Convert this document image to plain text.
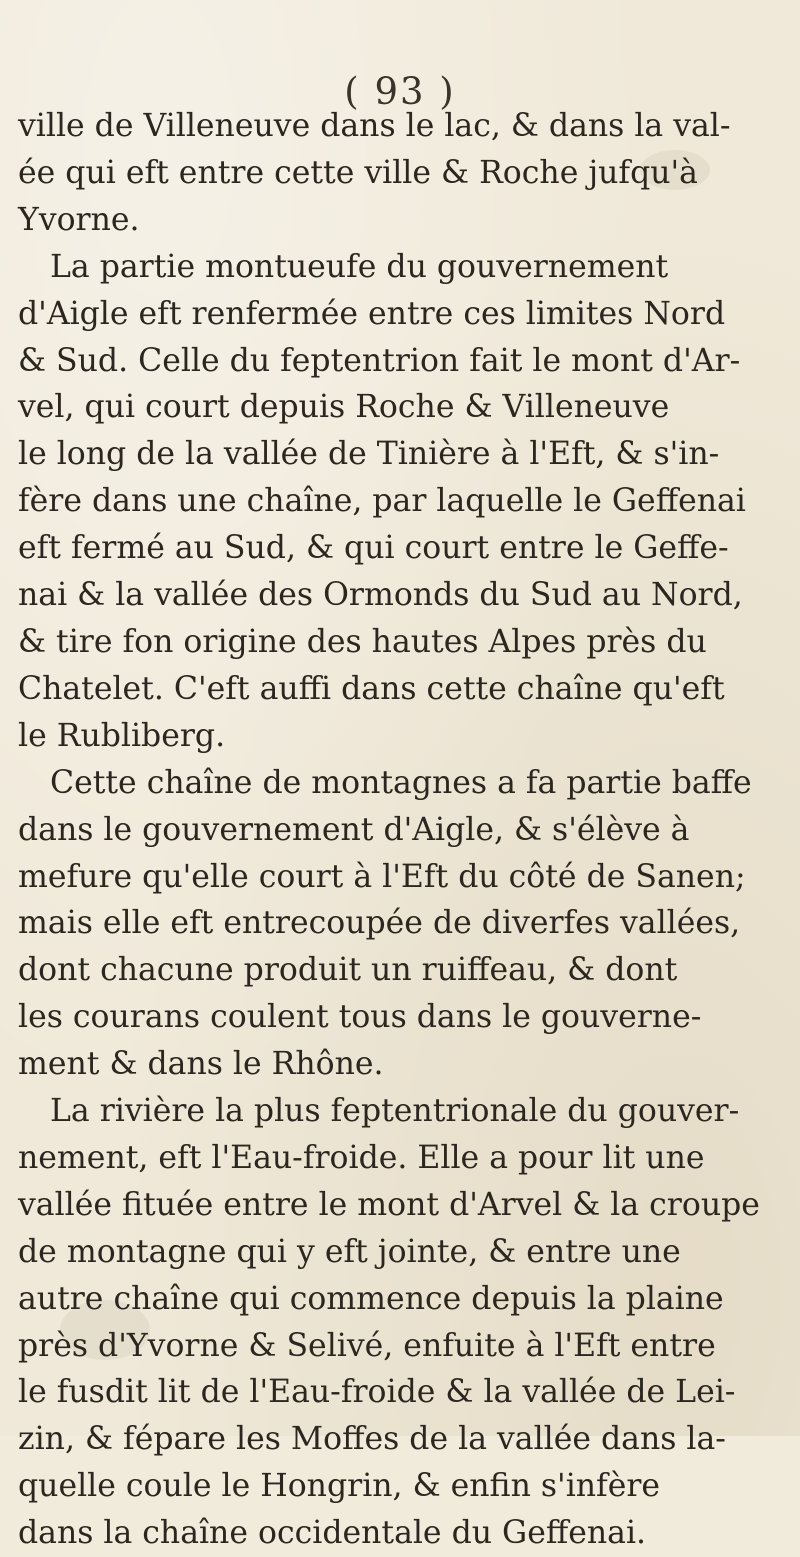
( 93 )
ville de Villeneuve dans le lac, & dans la val-
ée qui eft entre cette ville & Roche jufqu'à
Yvorne.
La partie montueufe du gouvernement
d'Aigle eft renfermée entre ces limites Nord
& Sud. Celle du feptentrion fait le mont d'Ar-
vel, qui court depuis Roche & Villeneuve
le long de la vallée de Tinière à l'Eft, & s'in-
fère dans une chaîne, par laquelle le Geffenai
eft fermé au Sud, & qui court entre le Geffe-
nai & la vallée des Ormonds du Sud au Nord,
& tire fon origine des hautes Alpes près du
Chatelet. C'eft auffi dans cette chaîne qu'eft
le Rubliberg.
Cette chaîne de montagnes a fa partie baffe
dans le gouvernement d'Aigle, & s'élève à
mefure qu'elle court à l'Eft du côté de Sanen;
mais elle eft entrecoupée de diverfes vallées,
dont chacune produit un ruiffeau, & dont
les courans coulent tous dans le gouverne-
ment & dans le Rhône.
La rivière la plus feptentrionale du gouver-
nement, eft l'Eau-froide. Elle a pour lit une
vallée fituée entre le mont d'Arvel & la croupe
de montagne qui y eft jointe, & entre une
autre chaîne qui commence depuis la plaine
près d'Yvorne & Selivé, enfuite à l'Eft entre
le fusdit lit de l'Eau-froide & la vallée de Lei-
zin, & fépare les Moffes de la vallée dans la-
quelle coule le Hongrin, & enfin s'infère
dans la chaîne occidentale du Geffenai.
